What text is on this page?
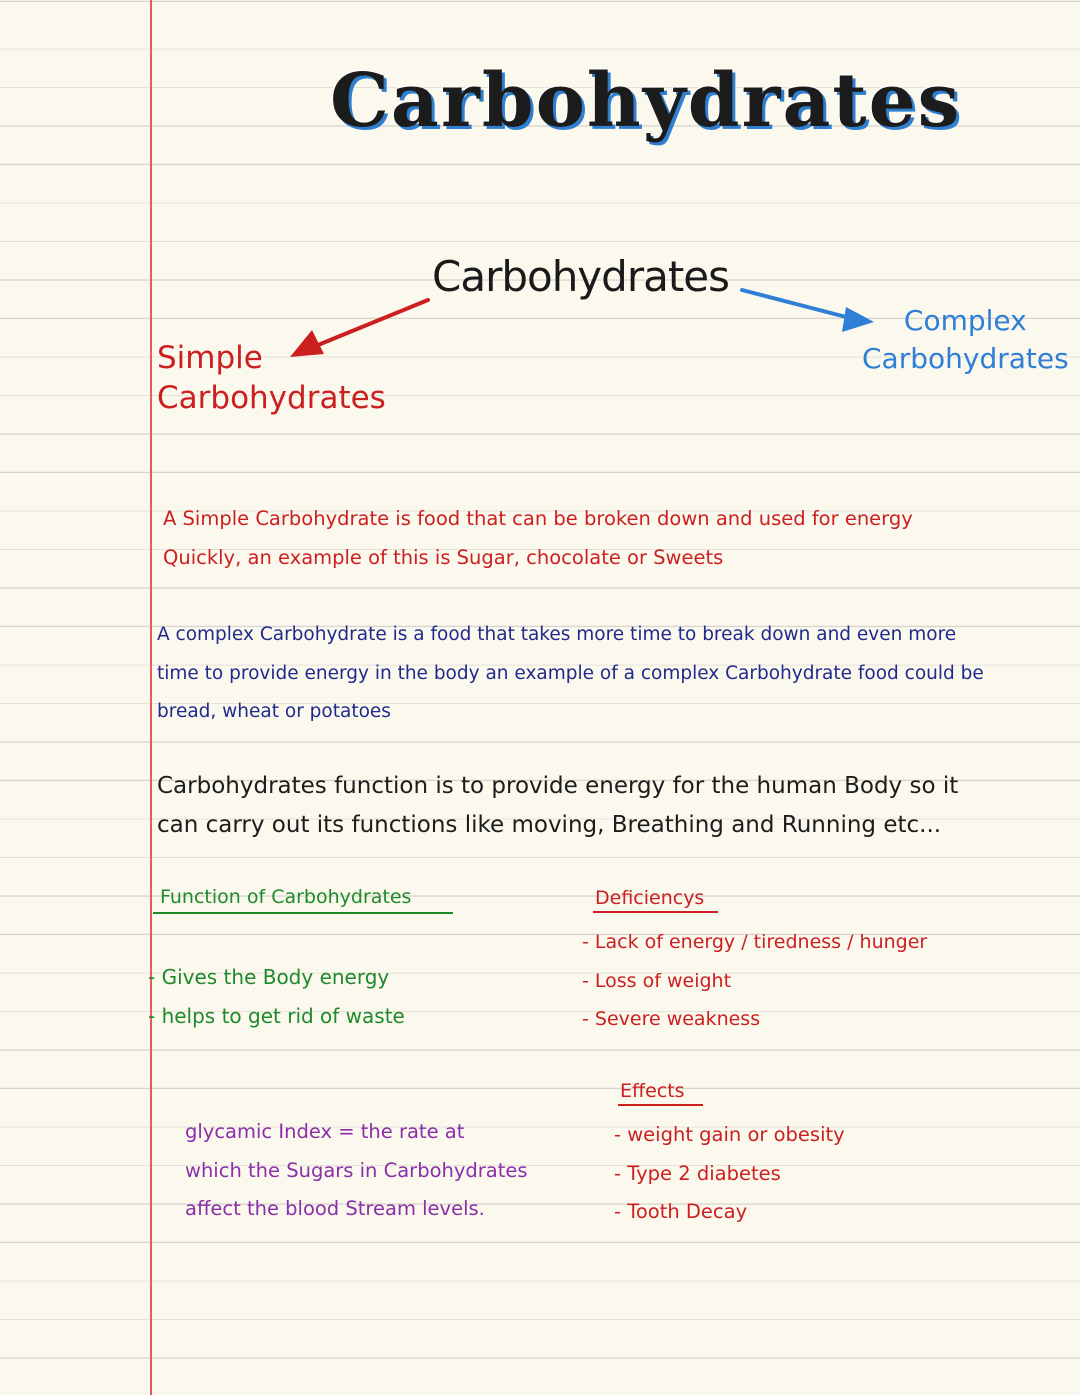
Carbohydrates
Carbohydrates
Simple
Carbohydrates
Complex
Carbohydrates
A Simple Carbohydrate is food that can be broken down and used for energy
Quickly, an example of this is Sugar, chocolate or Sweets
A complex Carbohydrate is a food that takes more time to break down and even more
time to provide energy in the body an example of a complex Carbohydrate food could be
bread, wheat or potatoes
Carbohydrates function is to provide energy for the human Body so it
can carry out its functions like moving, Breathing and Running etc...
Function of Carbohydrates
- Gives the Body energy
- helps to get rid of waste
Deficiencys
- Lack of energy / tiredness / hunger
- Loss of weight
- Severe weakness
Effects
- weight gain or obesity
- Type 2 diabetes
- Tooth Decay
glycamic Index = the rate at
which the Sugars in Carbohydrates
affect the blood Stream levels.
